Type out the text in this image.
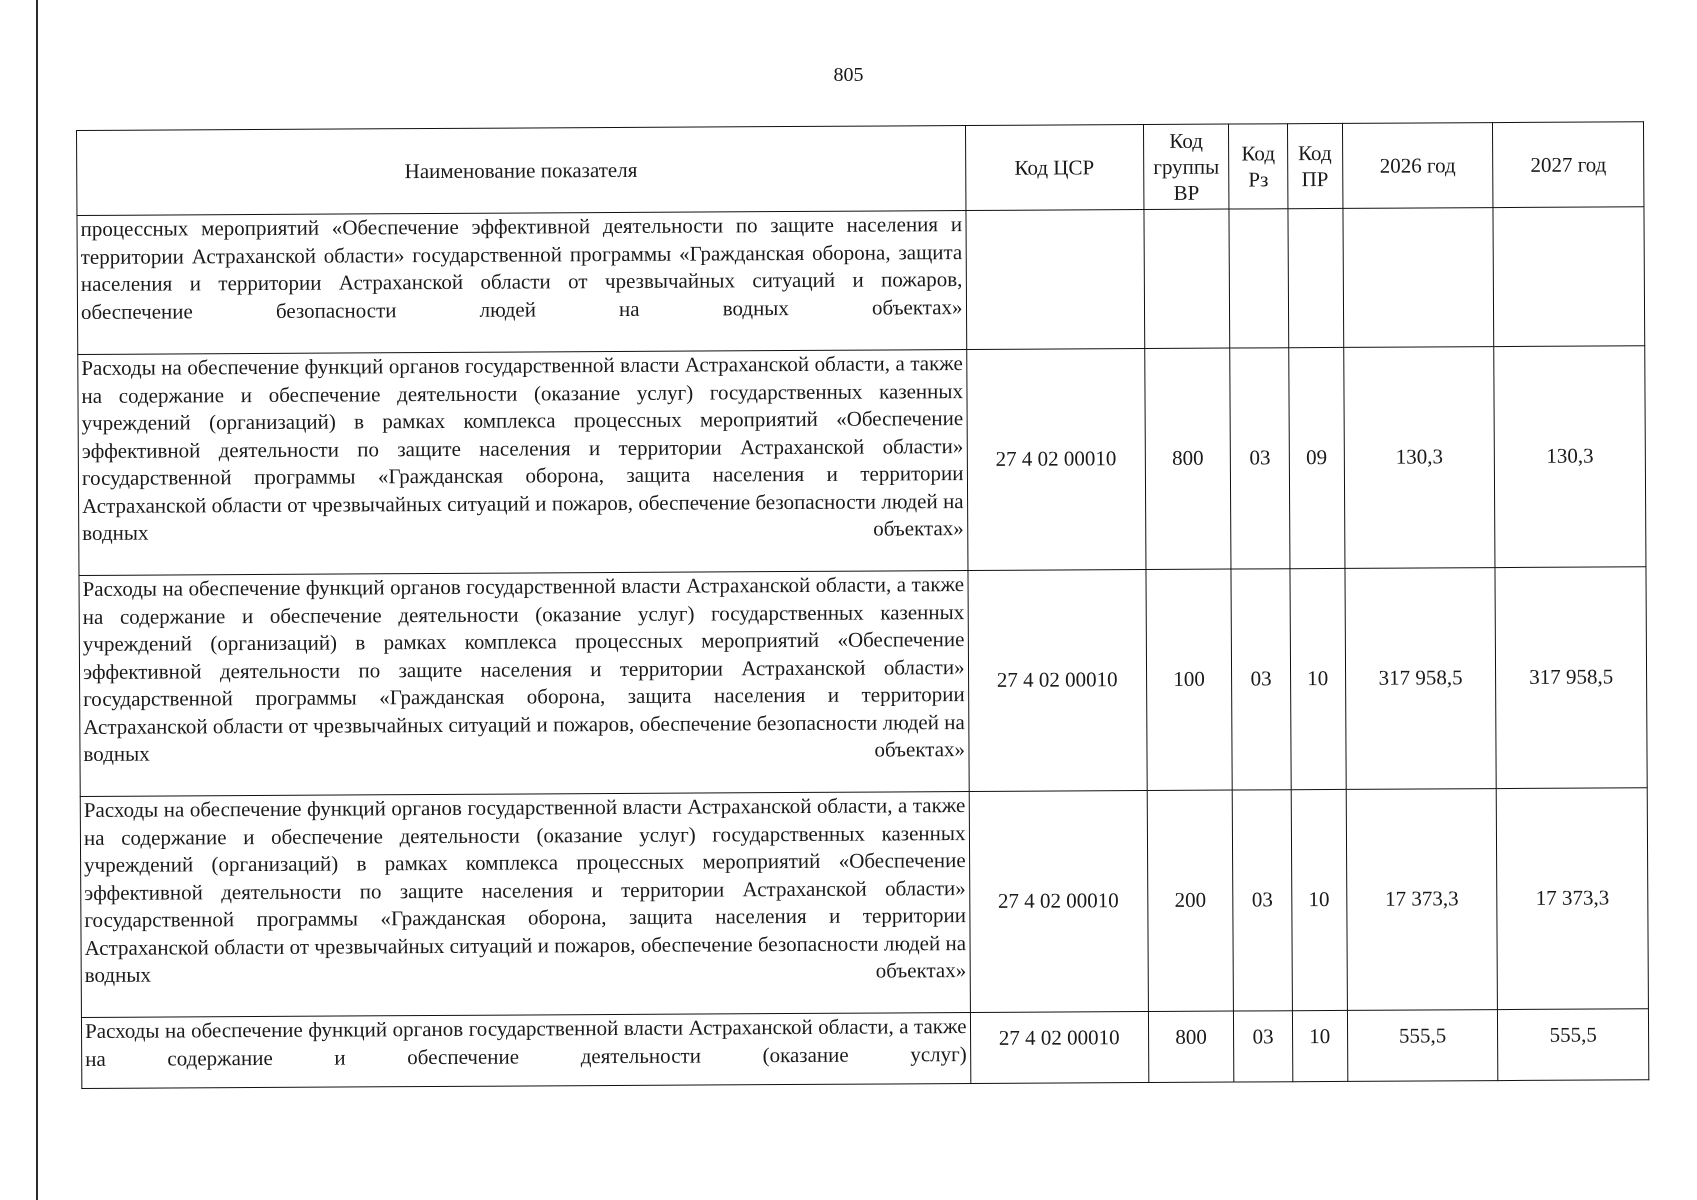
805
Наименование показателя	Код ЦСР	Код группы ВР	Код Рз	Код ПР	2026 год	2027 год
процессных мероприятий «Обеспечение эффективной деятельности по защите населения и территории Астраханской области» государственной программы «Гражданская оборона, защита населения и территории Астраханской области от чрезвычайных ситуаций и пожаров, обеспечение безопасности людей на водных объектах»						
Расходы на обеспечение функций органов государственной власти Астраханской области, а также на содержание и обеспечение деятельности (оказание услуг) государственных казенных учреждений (организаций) в рамках комплекса процессных мероприятий «Обеспечение эффективной деятельности по защите населения и территории Астраханской области» государственной программы «Гражданская оборона, защита населения и территории Астраханской области от чрезвычайных ситуаций и пожаров, обеспечение безопасности людей на водных объектах»	27 4 02 00010	800	03	09	130,3	130,3
Расходы на обеспечение функций органов государственной власти Астраханской области, а также на содержание и обеспечение деятельности (оказание услуг) государственных казенных учреждений (организаций) в рамках комплекса процессных мероприятий «Обеспечение эффективной деятельности по защите населения и территории Астраханской области» государственной программы «Гражданская оборона, защита населения и территории Астраханской области от чрезвычайных ситуаций и пожаров, обеспечение безопасности людей на водных объектах»	27 4 02 00010	100	03	10	317 958,5	317 958,5
Расходы на обеспечение функций органов государственной власти Астраханской области, а также на содержание и обеспечение деятельности (оказание услуг) государственных казенных учреждений (организаций) в рамках комплекса процессных мероприятий «Обеспечение эффективной деятельности по защите населения и территории Астраханской области» государственной программы «Гражданская оборона, защита населения и территории Астраханской области от чрезвычайных ситуаций и пожаров, обеспечение безопасности людей на водных объектах»	27 4 02 00010	200	03	10	17 373,3	17 373,3
Расходы на обеспечение функций органов государственной власти Астраханской области, а также на содержание и обеспечение деятельности (оказание услуг)	27 4 02 00010	800	03	10	555,5	555,5
